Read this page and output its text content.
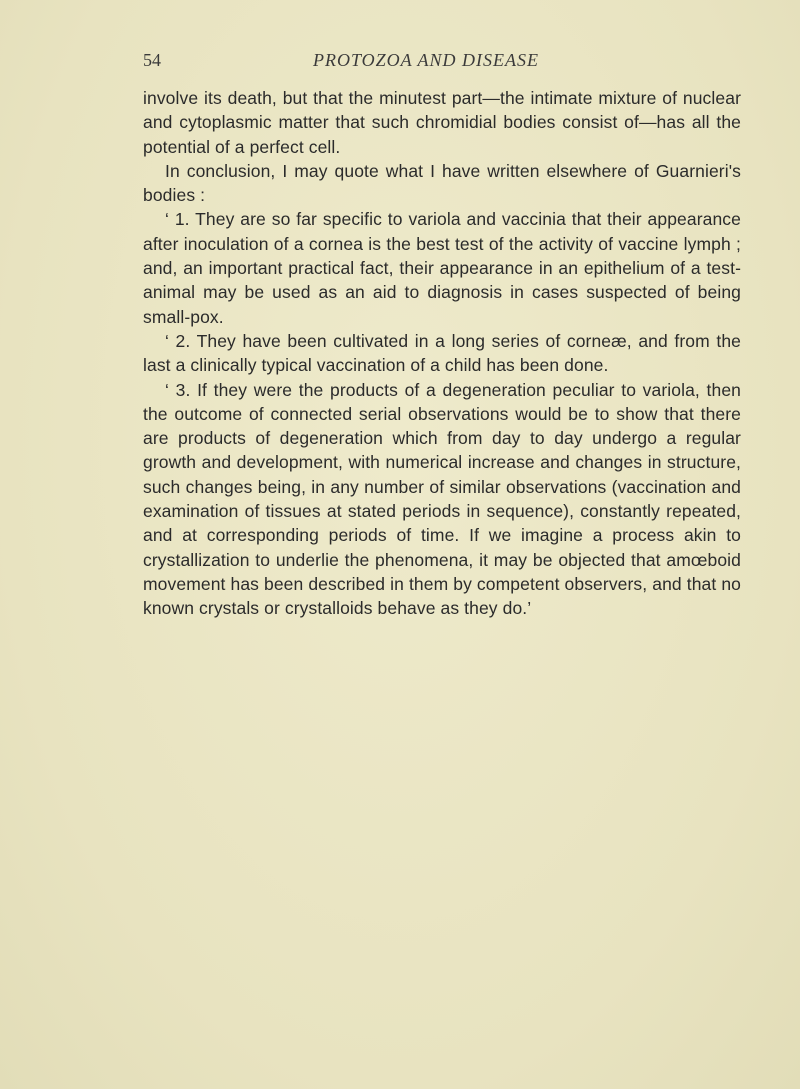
54	PROTOZOA AND DISEASE

involve its death, but that the minutest part—the intimate mixture of nuclear and cytoplasmic matter that such chromidial bodies consist of—has all the potential of a perfect cell.

In conclusion, I may quote what I have written elsewhere of Guarnieri's bodies :

‘ 1. They are so far specific to variola and vaccinia that their appearance after inoculation of a cornea is the best test of the activity of vaccine lymph ; and, an important practical fact, their appearance in an epithelium of a test-animal may be used as an aid to diagnosis in cases suspected of being small-pox.

‘ 2. They have been cultivated in a long series of corneæ, and from the last a clinically typical vaccination of a child has been done.

‘ 3. If they were the products of a degeneration peculiar to variola, then the outcome of connected serial observations would be to show that there are products of degeneration which from day to day undergo a regular growth and development, with numerical increase and changes in structure, such changes being, in any number of similar observations (vaccination and examination of tissues at stated periods in sequence), constantly repeated, and at corresponding periods of time. If we imagine a process akin to crystallization to underlie the phenomena, it may be objected that amœboid movement has been described in them by competent observers, and that no known crystals or crystalloids behave as they do.’
